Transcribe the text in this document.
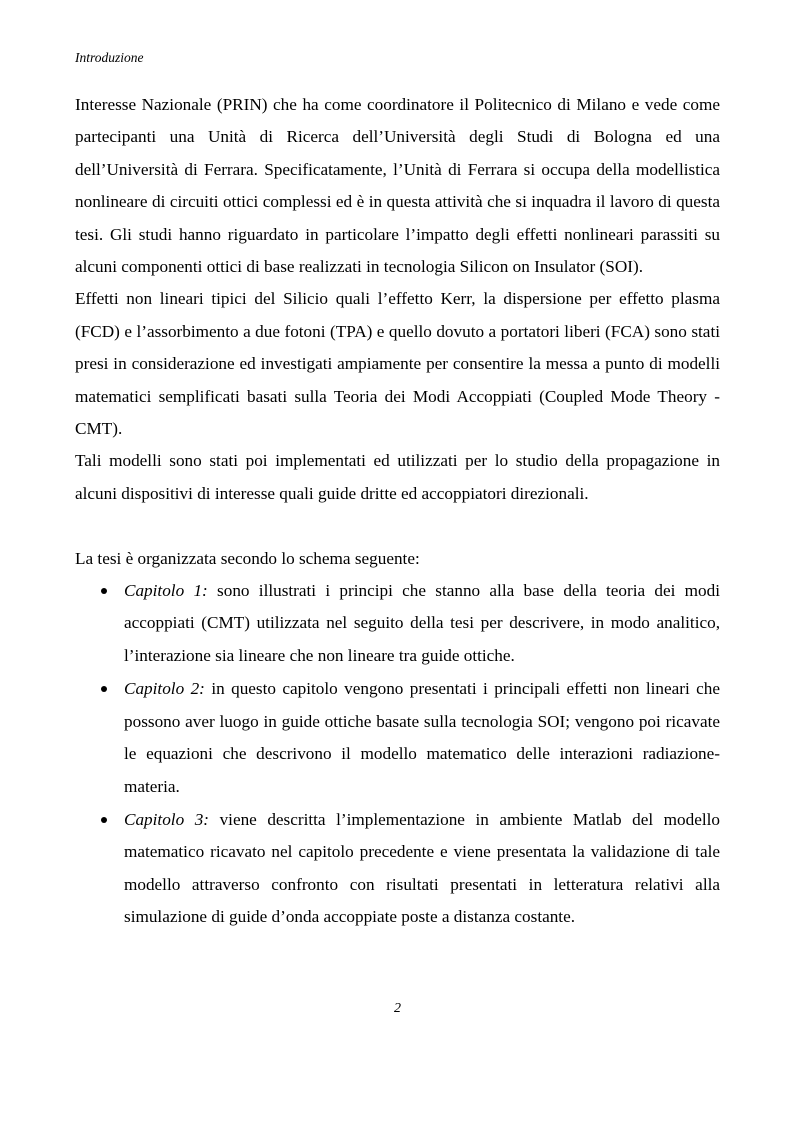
Introduzione

Interesse Nazionale (PRIN) che ha come coordinatore il Politecnico di Milano e vede come partecipanti una Unità di Ricerca dell’Università degli Studi di Bologna ed una dell’Università di Ferrara. Specificatamente, l’Unità di Ferrara si occupa della modellistica nonlineare di circuiti ottici complessi ed è in questa attività che si inquadra il lavoro di questa tesi. Gli studi hanno riguardato in particolare l’impatto degli effetti nonlineari parassiti su alcuni componenti ottici di base realizzati in tecnologia Silicon on Insulator (SOI).

Effetti non lineari tipici del Silicio quali l’effetto Kerr, la dispersione per effetto plasma (FCD) e l’assorbimento a due fotoni (TPA) e quello dovuto a portatori liberi (FCA) sono stati presi in considerazione ed investigati ampiamente per consentire la messa a punto di modelli matematici semplificati basati sulla Teoria dei Modi Accoppiati (Coupled Mode Theory - CMT).

Tali modelli sono stati poi implementati ed utilizzati per lo studio della propagazione in alcuni dispositivi di interesse quali guide dritte ed accoppiatori direzionali.

La tesi è organizzata secondo lo schema seguente:

Capitolo 1: sono illustrati i principi che stanno alla base della teoria dei modi accoppiati (CMT) utilizzata nel seguito della tesi per descrivere, in modo analitico, l’interazione sia lineare che non lineare tra guide ottiche.
Capitolo 2: in questo capitolo vengono presentati i principali effetti non lineari che possono aver luogo in guide ottiche basate sulla tecnologia SOI; vengono poi ricavate le equazioni che descrivono il modello matematico delle interazioni radiazione-materia.
Capitolo 3: viene descritta l’implementazione in ambiente Matlab del modello matematico ricavato nel capitolo precedente e viene presentata la validazione di tale modello attraverso confronto con risultati presentati in letteratura relativi alla simulazione di guide d’onda accoppiate poste a distanza costante.
2
